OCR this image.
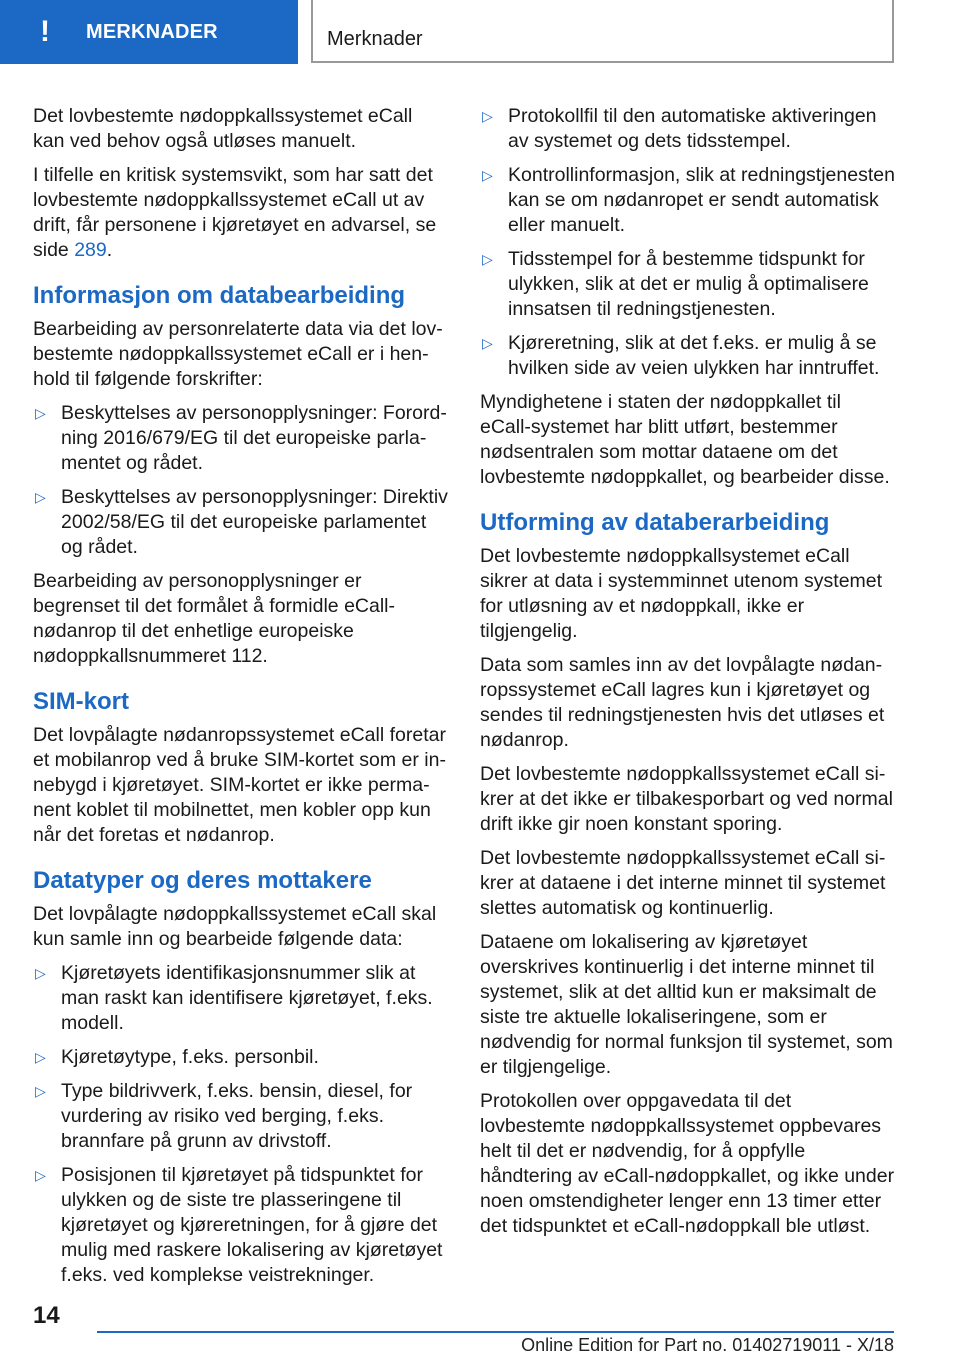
!	MERKNADER	Merknader

Det lovbestemte nødoppkallssystemet eCall kan ved behov også utløses manuelt.

I tilfelle en kritisk systemsvikt, som har satt det lovbestemte nødoppkallssystemet eCall ut av drift, får personene i kjøretøyet en advarsel, se side 289.

Informasjon om databearbeiding

Bearbeiding av personrelaterte data via det lovbestemte nødoppkallssystemet eCall er i henhold til følgende forskrifter:

▷ Beskyttelses av personopplysninger: Forordning 2016/679/EG til det europeiske parlamentet og rådet.
▷ Beskyttelses av personopplysninger: Direktiv 2002/58/EG til det europeiske parlamentet og rådet.

Bearbeiding av personopplysninger er begrenset til det formålet å formidle eCall-nødanrop til det enhetlige europeiske nødoppkallsnummeret 112.

SIM-kort

Det lovpålagte nødanropssystemet eCall foretar et mobilanrop ved å bruke SIM-kortet som er innebygd i kjøretøyet. SIM-kortet er ikke permanent koblet til mobilnettet, men kobler opp kun når det foretas et nødanrop.

Datatyper og deres mottakere

Det lovpålagte nødoppkallssystemet eCall skal kun samle inn og bearbeide følgende data:

▷ Kjøretøyets identifikasjonsnummer slik at man raskt kan identifisere kjøretøyet, f.eks. modell.
▷ Kjøretøytype, f.eks. personbil.
▷ Type bildrivverk, f.eks. bensin, diesel, for vurdering av risiko ved berging, f.eks. brannfare på grunn av drivstoff.
▷ Posisjonen til kjøretøyet på tidspunktet for ulykken og de siste tre plasseringene til kjøretøyet og kjøreretningen, for å gjøre det mulig med raskere lokalisering av kjøretøyet f.eks. ved komplekse veistrekninger.
▷ Protokollfil til den automatiske aktiveringen av systemet og dets tidsstempel.
▷ Kontrollinformasjon, slik at redningstjenesten kan se om nødanropet er sendt automatisk eller manuelt.
▷ Tidsstempel for å bestemme tidspunkt for ulykken, slik at det er mulig å optimalisere innsatsen til redningstjenesten.
▷ Kjøreretning, slik at det f.eks. er mulig å se hvilken side av veien ulykken har inntruffet.

Myndighetene i staten der nødoppkallet til eCall-systemet har blitt utført, bestemmer nødsentralen som mottar dataene om det lovbestemte nødoppkallet, og bearbeider disse.

Utforming av databerarbeiding

Det lovbestemte nødoppkallsystemet eCall sikrer at data i systemminnet utenom systemet for utløsning av et nødoppkall, ikke er tilgjengelig.

Data som samles inn av det lovpålagte nødanropssystemet eCall lagres kun i kjøretøyet og sendes til redningstjenesten hvis det utløses et nødanrop.

Det lovbestemte nødoppkallssystemet eCall sikrer at det ikke er tilbakesporbart og ved normal drift ikke gir noen konstant sporing.

Det lovbestemte nødoppkallssystemet eCall sikrer at dataene i det interne minnet til systemet slettes automatisk og kontinuerlig.

Dataene om lokalisering av kjøretøyet overskrives kontinuerlig i det interne minnet til systemet, slik at det alltid kun er maksimalt de siste tre aktuelle lokaliseringene, som er nødvendig for normal funksjon til systemet, som er tilgjengelige.

Protokollen over oppgavedata til det lovbestemte nødoppkallssystemet oppbevares helt til det er nødvendig, for å oppfylle håndtering av eCall-nødoppkallet, og ikke under noen omstendigheter lenger enn 13 timer etter det tidspunktet et eCall-nødoppkall ble utløst.

14
Online Edition for Part no. 01402719011 - X/18
